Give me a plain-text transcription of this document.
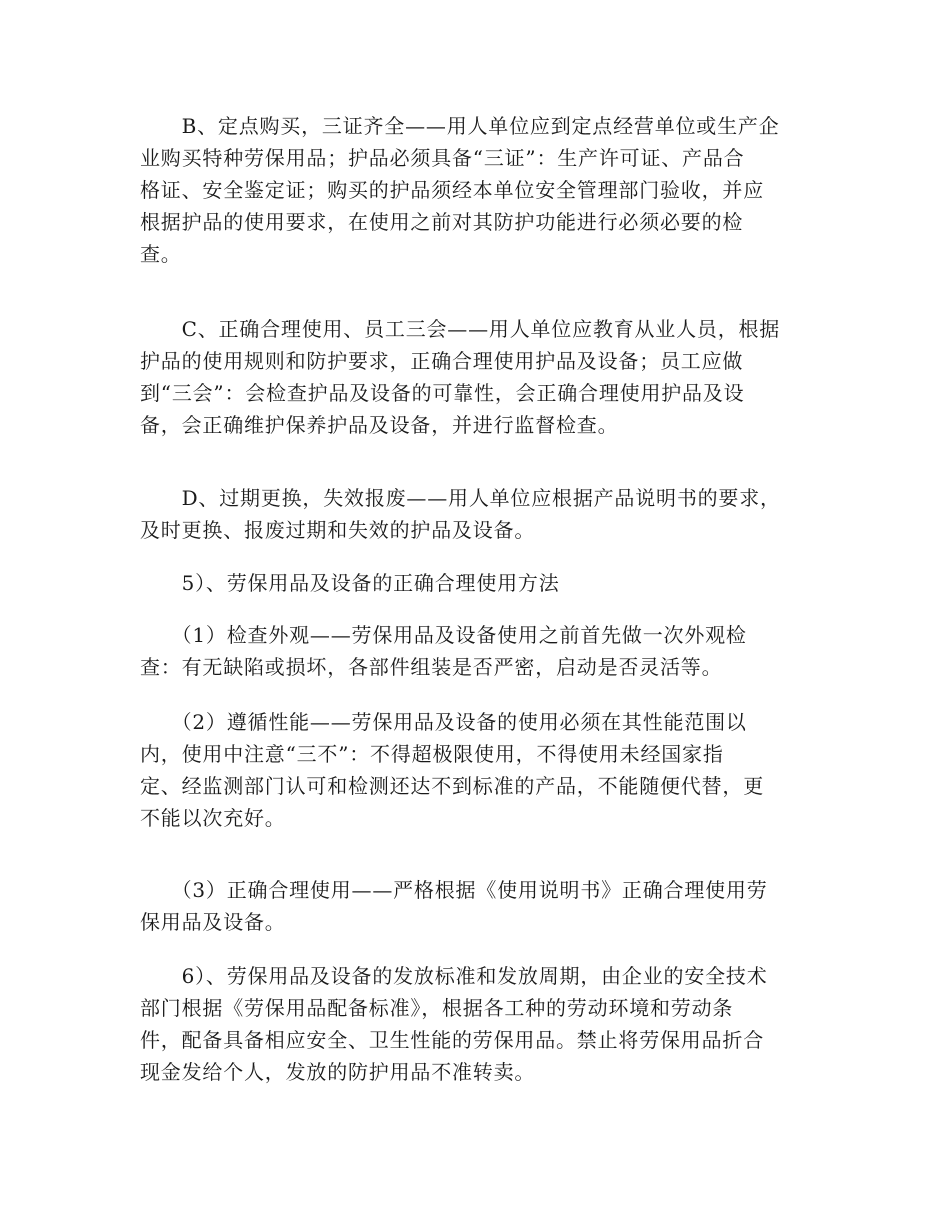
　　B、定点购买，三证齐全——用人单位应到定点经营单位或生产企
业购买特种劳保用品；护品必须具备“三证”：生产许可证、产品合
格证、安全鉴定证；购买的护品须经本单位安全管理部门验收，并应
根据护品的使用要求，在使用之前对其防护功能进行必须必要的检
查。
　　C、正确合理使用、员工三会——用人单位应教育从业人员，根据
护品的使用规则和防护要求，正确合理使用护品及设备；员工应做
到“三会”：会检查护品及设备的可靠性，会正确合理使用护品及设
备，会正确维护保养护品及设备，并进行监督检查。
　　D、过期更换，失效报废——用人单位应根据产品说明书的要求，
及时更换、报废过期和失效的护品及设备。
　　5）、劳保用品及设备的正确合理使用方法
　　（1）检查外观——劳保用品及设备使用之前首先做一次外观检
查：有无缺陷或损坏，各部件组装是否严密，启动是否灵活等。
　　（2）遵循性能——劳保用品及设备的使用必须在其性能范围以
内，使用中注意“三不”：不得超极限使用，不得使用未经国家指
定、经监测部门认可和检测还达不到标准的产品，不能随便代替，更
不能以次充好。
　　（3）正确合理使用——严格根据《使用说明书》正确合理使用劳
保用品及设备。
　　6）、劳保用品及设备的发放标准和发放周期，由企业的安全技术
部门根据《劳保用品配备标准》，根据各工种的劳动环境和劳动条
件，配备具备相应安全、卫生性能的劳保用品。禁止将劳保用品折合
现金发给个人，发放的防护用品不准转卖。
